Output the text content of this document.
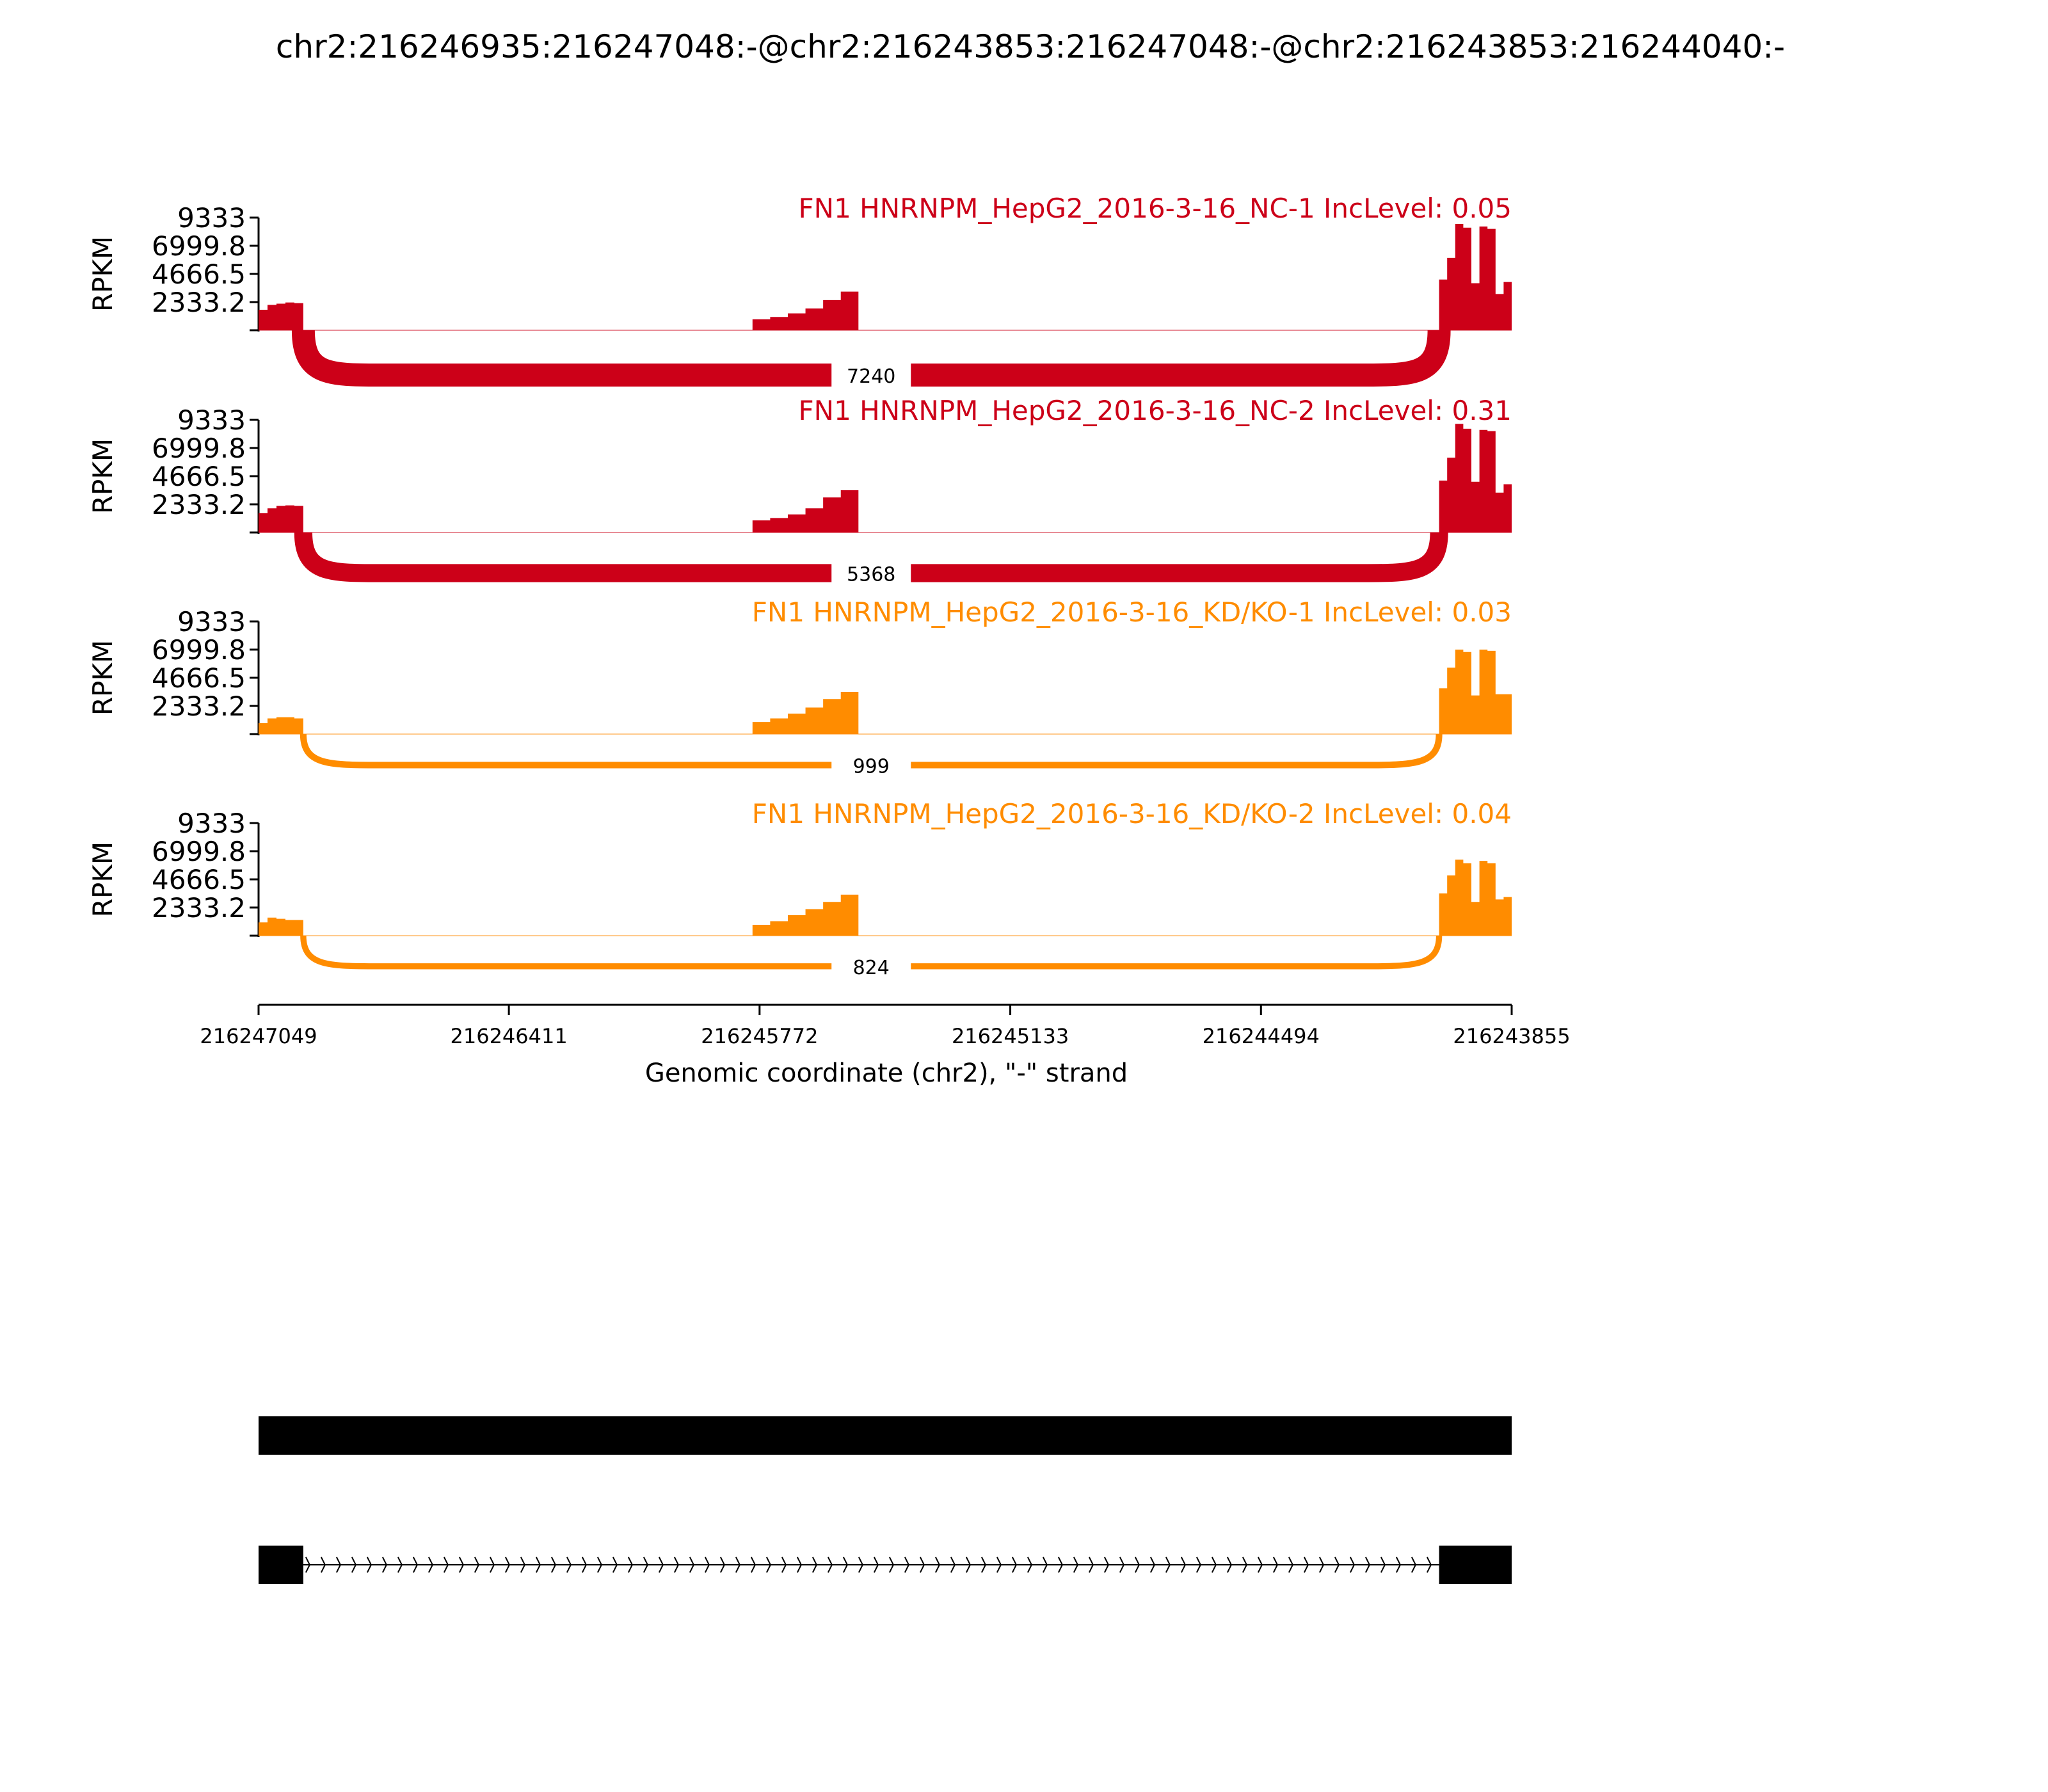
chr2:216246935:216247048:-@chr2:216243853:216247048:-@chr2:216243853:216244040:-
9333
6999.8
4666.5
2333.2
RPKM
7240
FN1 HNRNPM_HepG2_2016-3-16_NC-1 IncLevel: 0.05
9333
6999.8
4666.5
2333.2
RPKM
5368
FN1 HNRNPM_HepG2_2016-3-16_NC-2 IncLevel: 0.31
9333
6999.8
4666.5
2333.2
RPKM
999
FN1 HNRNPM_HepG2_2016-3-16_KD/KO-1 IncLevel: 0.03
9333
6999.8
4666.5
2333.2
RPKM
824
FN1 HNRNPM_HepG2_2016-3-16_KD/KO-2 IncLevel: 0.04
216247049	216246411	216245772	216245133	216244494	216243855
Genomic coordinate (chr2), "-" strand
